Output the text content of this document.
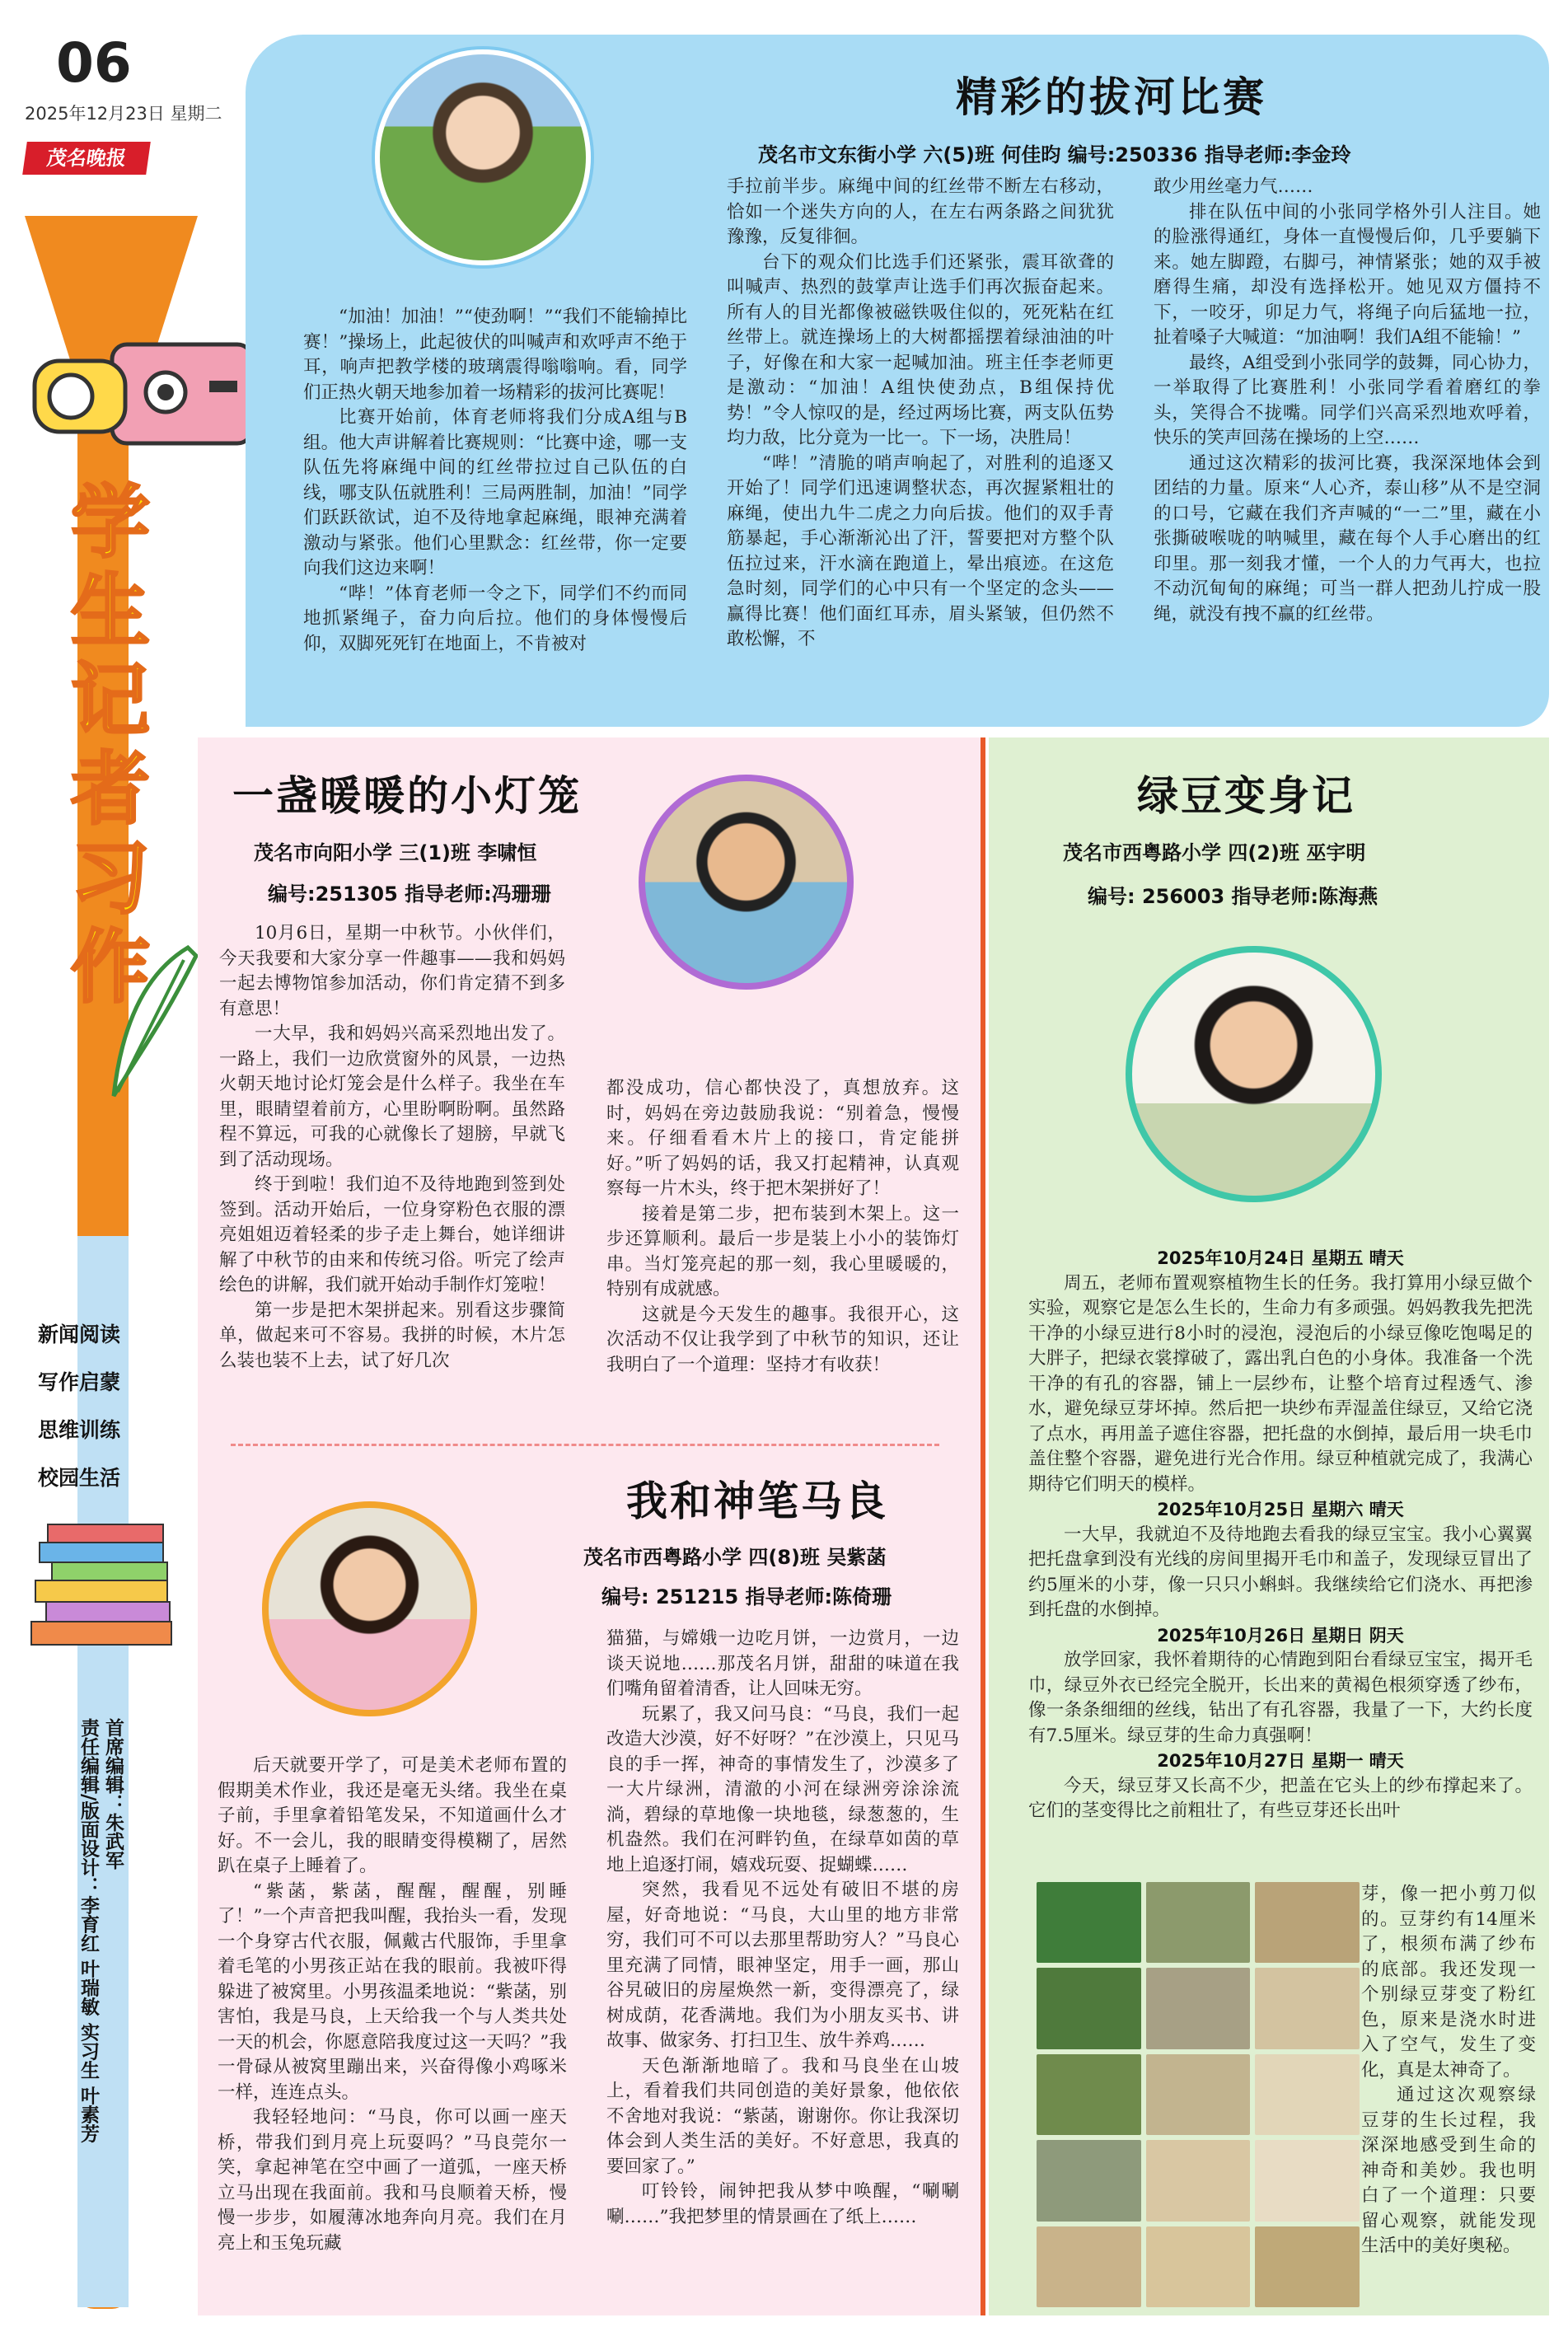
06
2025年12月23日 星期二
茂名晚报
学
生
记
者
习
作
新闻阅读
写作启蒙
思维训练
校园生活
首席编辑：朱武军
责任编辑/版面设计：李育红 叶瑞敏 实习生 叶素芳
精彩的拔河比赛
茂名市文东街小学 六(5)班 何佳昀 编号:250336 指导老师:李金玲

“加油！加油！”“使劲啊！”“我们不能输掉比赛！”操场上，此起彼伏的叫喊声和欢呼声不绝于耳，响声把教学楼的玻璃震得嗡嗡响。看，同学们正热火朝天地参加着一场精彩的拔河比赛呢！

比赛开始前，体育老师将我们分成A组与B组。他大声讲解着比赛规则：“比赛中途，哪一支队伍先将麻绳中间的红丝带拉过自己队伍的白线，哪支队伍就胜利！三局两胜制，加油！”同学们跃跃欲试，迫不及待地拿起麻绳，眼神充满着激动与紧张。他们心里默念：红丝带，你一定要向我们这边来啊！

“哔！”体育老师一令之下，同学们不约而同地抓紧绳子，奋力向后拉。他们的身体慢慢后仰，双脚死死钉在地面上，不肯被对

手拉前半步。麻绳中间的红丝带不断左右移动，恰如一个迷失方向的人，在左右两条路之间犹犹豫豫，反复徘徊。

台下的观众们比选手们还紧张，震耳欲聋的叫喊声、热烈的鼓掌声让选手们再次振奋起来。所有人的目光都像被磁铁吸住似的，死死粘在红丝带上。就连操场上的大树都摇摆着绿油油的叶子，好像在和大家一起喊加油。班主任李老师更是激动：“加油！A组快使劲点，B组保持优势！”令人惊叹的是，经过两场比赛，两支队伍势均力敌，比分竟为一比一。下一场，决胜局！

“哔！”清脆的哨声响起了，对胜利的追逐又开始了！同学们迅速调整状态，再次握紧粗壮的麻绳，使出九牛二虎之力向后拔。他们的双手青筋暴起，手心渐渐沁出了汗，誓要把对方整个队伍拉过来，汗水滴在跑道上，晕出痕迹。在这危急时刻，同学们的心中只有一个坚定的念头——赢得比赛！他们面红耳赤，眉头紧皱，但仍然不敢松懈，不

敢少用丝毫力气……

排在队伍中间的小张同学格外引人注目。她的脸涨得通红，身体一直慢慢后仰，几乎要躺下来。她左脚蹬，右脚弓，神情紧张；她的双手被磨得生痛，却没有选择松开。她见双方僵持不下，一咬牙，卯足力气，将绳子向后猛地一拉，扯着嗓子大喊道：“加油啊！我们A组不能输！”

最终，A组受到小张同学的鼓舞，同心协力，一举取得了比赛胜利！小张同学看着磨红的拳头，笑得合不拢嘴。同学们兴高采烈地欢呼着，快乐的笑声回荡在操场的上空……

通过这次精彩的拔河比赛，我深深地体会到团结的力量。原来“人心齐，泰山移”从不是空洞的口号，它藏在我们齐声喊的“一二”里，藏在小张撕破喉咙的呐喊里，藏在每个人手心磨出的红印里。那一刻我才懂，一个人的力气再大，也拉不动沉甸甸的麻绳；可当一群人把劲儿拧成一股绳，就没有拽不赢的红丝带。

一盏暖暖的小灯笼
茂名市向阳小学 三(1)班 李啸恒
编号:251305 指导老师:冯珊珊

10月6日，星期一中秋节。小伙伴们，今天我要和大家分享一件趣事——我和妈妈一起去博物馆参加活动，你们肯定猜不到多有意思！

一大早，我和妈妈兴高采烈地出发了。一路上，我们一边欣赏窗外的风景，一边热火朝天地讨论灯笼会是什么样子。我坐在车里，眼睛望着前方，心里盼啊盼啊。虽然路程不算远，可我的心就像长了翅膀，早就飞到了活动现场。

终于到啦！我们迫不及待地跑到签到处签到。活动开始后，一位身穿粉色衣服的漂亮姐姐迈着轻柔的步子走上舞台，她详细讲解了中秋节的由来和传统习俗。听完了绘声绘色的讲解，我们就开始动手制作灯笼啦！

第一步是把木架拼起来。别看这步骤简单，做起来可不容易。我拼的时候，木片怎么装也装不上去，试了好几次

都没成功，信心都快没了，真想放弃。这时，妈妈在旁边鼓励我说：“别着急，慢慢来。仔细看看木片上的接口，肯定能拼好。”听了妈妈的话，我又打起精神，认真观察每一片木头，终于把木架拼好了！

接着是第二步，把布装到木架上。这一步还算顺利。最后一步是装上小小的装饰灯串。当灯笼亮起的那一刻，我心里暖暖的，特别有成就感。

这就是今天发生的趣事。我很开心，这次活动不仅让我学到了中秋节的知识，还让我明白了一个道理：坚持才有收获！

我和神笔马良
茂名市西粤路小学 四(8)班 吴紫菡
编号: 251215 指导老师:陈倚珊

后天就要开学了，可是美术老师布置的假期美术作业，我还是毫无头绪。我坐在桌子前，手里拿着铅笔发呆，不知道画什么才好。不一会儿，我的眼睛变得模糊了，居然趴在桌子上睡着了。

“紫菡，紫菡，醒醒，醒醒，别睡了！”一个声音把我叫醒，我抬头一看，发现一个身穿古代衣服，佩戴古代服饰，手里拿着毛笔的小男孩正站在我的眼前。我被吓得躲进了被窝里。小男孩温柔地说：“紫菡，别害怕，我是马良，上天给我一个与人类共处一天的机会，你愿意陪我度过这一天吗？”我一骨碌从被窝里蹦出来，兴奋得像小鸡啄米一样，连连点头。

我轻轻地问：“马良，你可以画一座天桥，带我们到月亮上玩耍吗？”马良莞尔一笑，拿起神笔在空中画了一道弧，一座天桥立马出现在我面前。我和马良顺着天桥，慢慢一步步，如履薄冰地奔向月亮。我们在月亮上和玉兔玩藏

猫猫，与嫦娥一边吃月饼，一边赏月，一边谈天说地……那茂名月饼，甜甜的味道在我们嘴角留着清香，让人回味无穷。

玩累了，我又问马良：“马良，我们一起改造大沙漠，好不好呀？”在沙漠上，只见马良的手一挥，神奇的事情发生了，沙漠多了一大片绿洲，清澈的小河在绿洲旁涂涂流淌，碧绿的草地像一块地毯，绿葱葱的，生机盎然。我们在河畔钓鱼，在绿草如茵的草地上追逐打闹，嬉戏玩耍、捉蝴蝶……

突然，我看见不远处有破旧不堪的房屋，好奇地说：“马良，大山里的地方非常穷，我们可不可以去那里帮助穷人？”马良心里充满了同情，眼神坚定，用手一画，那山谷旯破旧的房屋焕然一新，变得漂亮了，绿树成荫，花香满地。我们为小朋友买书、讲故事、做家务、打扫卫生、放牛养鸡……

天色渐渐地暗了。我和马良坐在山坡上，看着我们共同创造的美好景象，他依依不舍地对我说：“紫菡，谢谢你。你让我深切体会到人类生活的美好。不好意思，我真的要回家了。”

叮铃铃，闹钟把我从梦中唤醒，“唰唰唰……”我把梦里的情景画在了纸上……

绿豆变身记
茂名市西粤路小学 四(2)班 巫宇明
编号: 256003 指导老师:陈海燕
2025年10月24日 星期五 晴天

周五，老师布置观察植物生长的任务。我打算用小绿豆做个实验，观察它是怎么生长的，生命力有多顽强。妈妈教我先把洗干净的小绿豆进行8小时的浸泡，浸泡后的小绿豆像吃饱喝足的大胖子，把绿衣裳撑破了，露出乳白色的小身体。我准备一个洗干净的有孔的容器，铺上一层纱布，让整个培育过程透气、渗水，避免绿豆芽坏掉。然后把一块纱布弄湿盖住绿豆，又给它浇了点水，再用盖子遮住容器，把托盘的水倒掉，最后用一块毛巾盖住整个容器，避免进行光合作用。绿豆种植就完成了，我满心期待它们明天的模样。

2025年10月25日 星期六 晴天

一大早，我就迫不及待地跑去看我的绿豆宝宝。我小心翼翼把托盘拿到没有光线的房间里揭开毛巾和盖子，发现绿豆冒出了约5厘米的小芽，像一只只小蝌蚪。我继续给它们浇水、再把渗到托盘的水倒掉。

2025年10月26日 星期日 阴天

放学回家，我怀着期待的心情跑到阳台看绿豆宝宝，揭开毛巾，绿豆外衣已经完全脱开，长出来的黄褐色根须穿透了纱布，像一条条细细的丝线，钻出了有孔容器，我量了一下，大约长度有7.5厘米。绿豆芽的生命力真强啊！

2025年10月27日 星期一 晴天

今天，绿豆芽又长高不少，把盖在它头上的纱布撑起来了。它们的茎变得比之前粗壮了，有些豆芽还长出叶

芽，像一把小剪刀似的。豆芽约有14厘米了，根须布满了纱布的底部。我还发现一个别绿豆芽变了粉红色，原来是浇水时进入了空气，发生了变化，真是太神奇了。

通过这次观察绿豆芽的生长过程，我深深地感受到生命的神奇和美妙。我也明白了一个道理：只要留心观察，就能发现生活中的美好奥秘。
